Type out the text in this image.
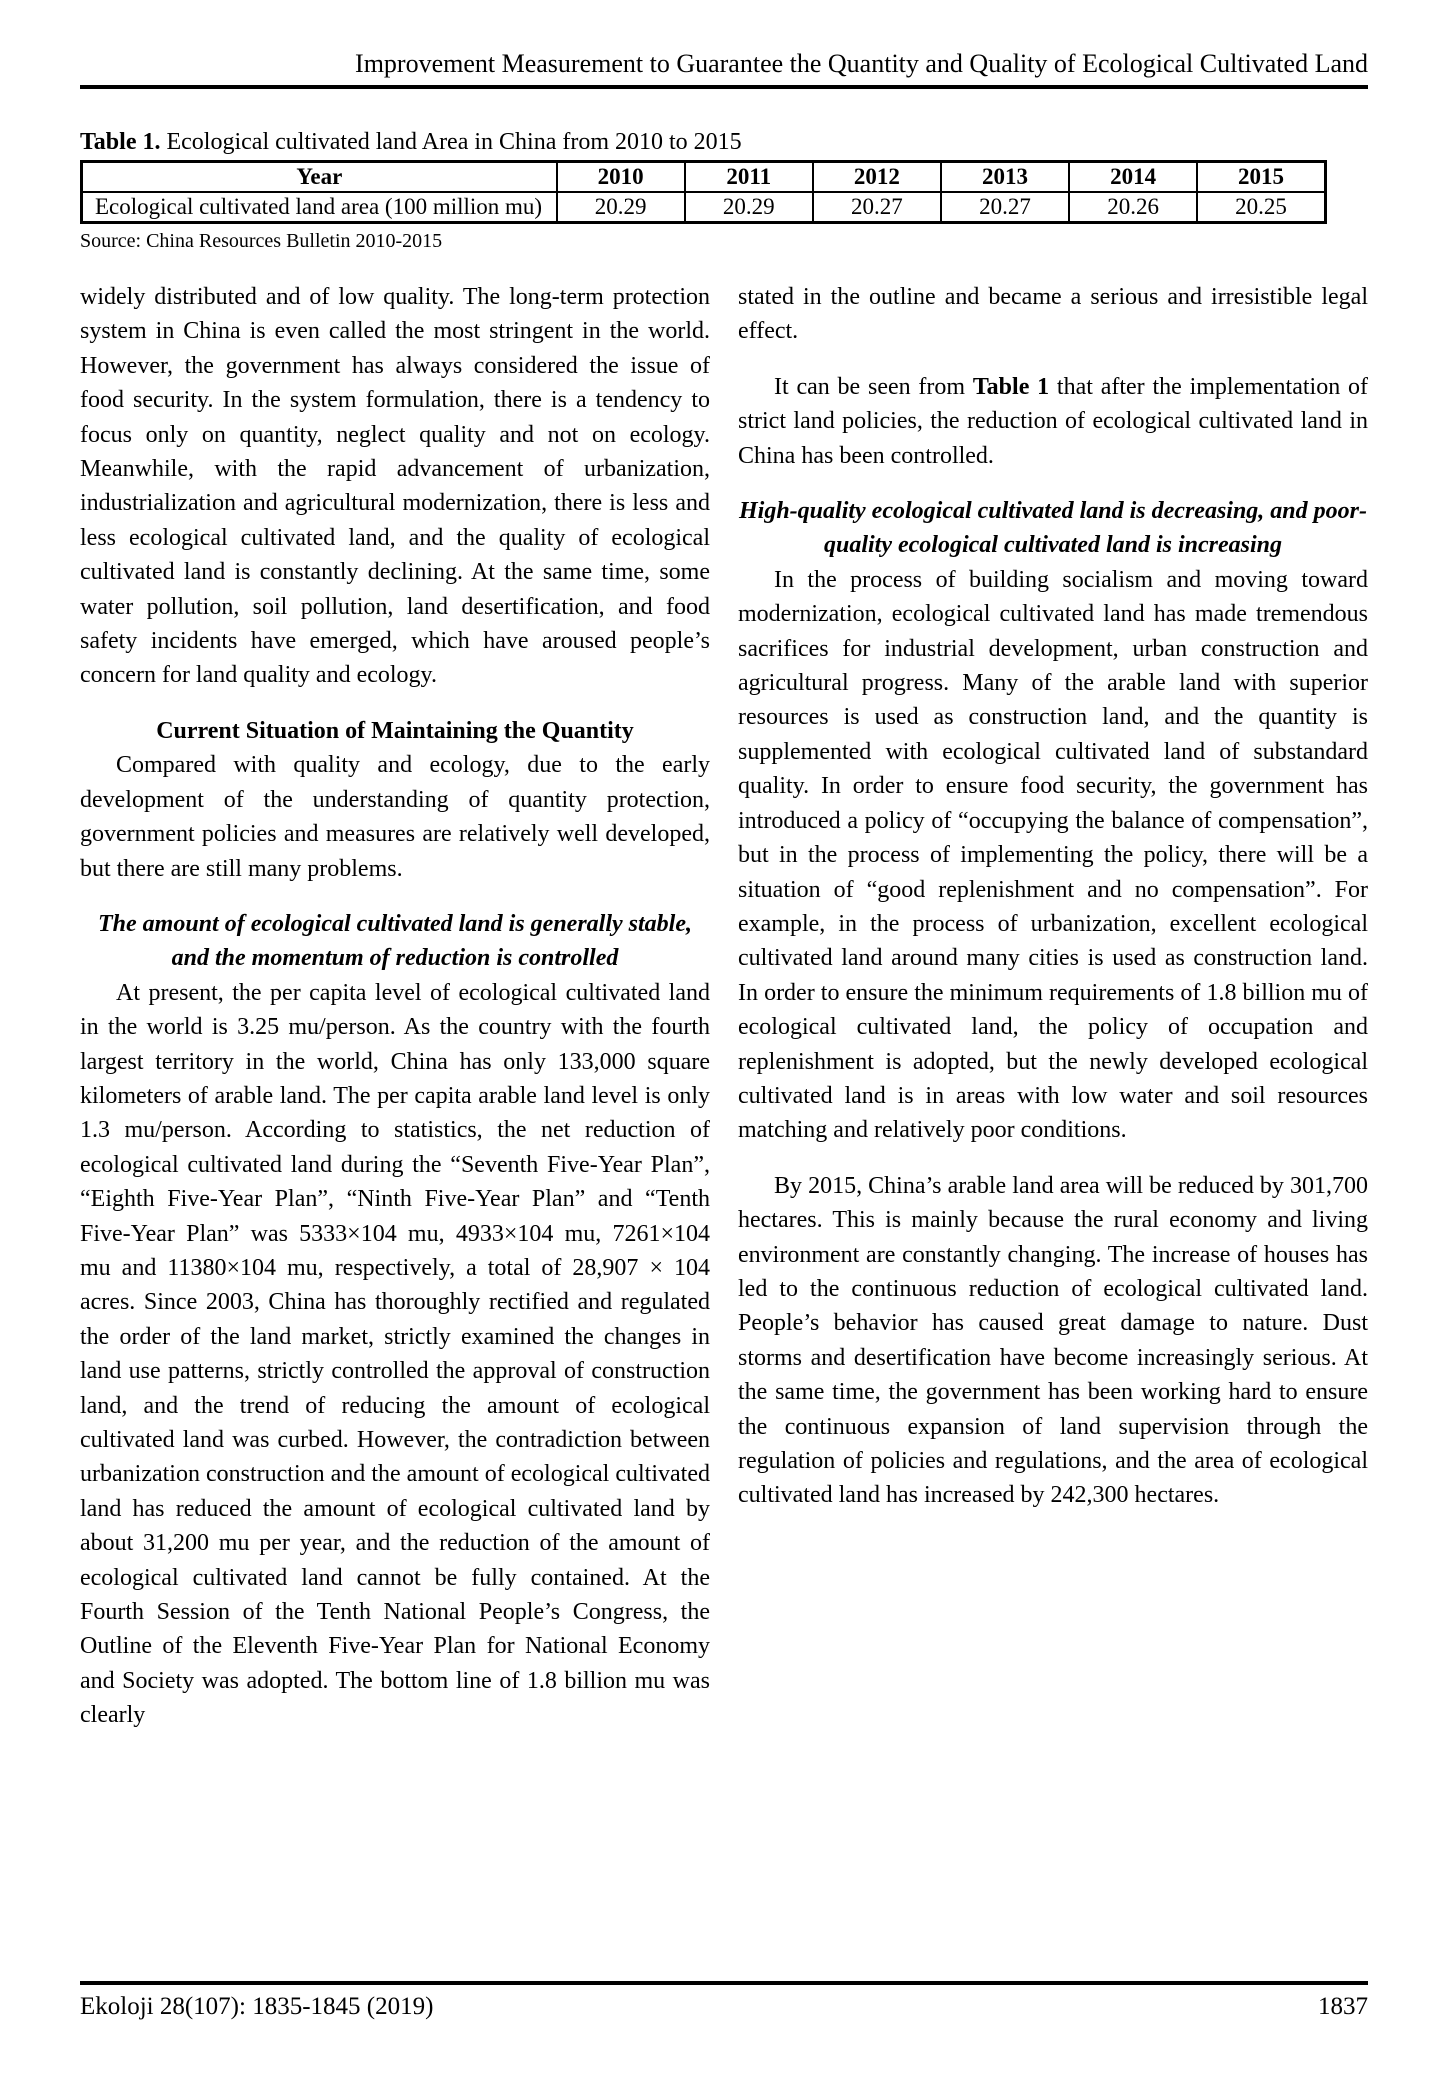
Improvement Measurement to Guarantee the Quantity and Quality of Ecological Cultivated Land
Table 1. Ecological cultivated land Area in China from 2010 to 2015
Year	2010	2011	2012	2013	2014	2015
Ecological cultivated land area (100 million mu)	20.29	20.29	20.27	20.27	20.26	20.25
Source: China Resources Bulletin 2010-2015

widely distributed and of low quality. The long-term protection system in China is even called the most stringent in the world. However, the government has always considered the issue of food security. In the system formulation, there is a tendency to focus only on quantity, neglect quality and not on ecology. Meanwhile, with the rapid advancement of urbanization, industrialization and agricultural modernization, there is less and less ecological cultivated land, and the quality of ecological cultivated land is constantly declining. At the same time, some water pollution, soil pollution, land desertification, and food safety incidents have emerged, which have aroused people’s concern for land quality and ecology.

Current Situation of Maintaining the Quantity

Compared with quality and ecology, due to the early development of the understanding of quantity protection, government policies and measures are relatively well developed, but there are still many problems.

The amount of ecological cultivated land is generally stable, and the momentum of reduction is controlled

At present, the per capita level of ecological cultivated land in the world is 3.25 mu/person. As the country with the fourth largest territory in the world, China has only 133,000 square kilometers of arable land. The per capita arable land level is only 1.3 mu/person. According to statistics, the net reduction of ecological cultivated land during the “Seventh Five-Year Plan”, “Eighth Five-Year Plan”, “Ninth Five-Year Plan” and “Tenth Five-Year Plan” was 5333×104 mu, 4933×104 mu, 7261×104 mu and 11380×104 mu, respectively, a total of 28,907 × 104 acres. Since 2003, China has thoroughly rectified and regulated the order of the land market, strictly examined the changes in land use patterns, strictly controlled the approval of construction land, and the trend of reducing the amount of ecological cultivated land was curbed. However, the contradiction between urbanization construction and the amount of ecological cultivated land has reduced the amount of ecological cultivated land by about 31,200 mu per year, and the reduction of the amount of ecological cultivated land cannot be fully contained. At the Fourth Session of the Tenth National People’s Congress, the Outline of the Eleventh Five-Year Plan for National Economy and Society was adopted. The bottom line of 1.8 billion mu was clearly

stated in the outline and became a serious and irresistible legal effect.

It can be seen from Table 1 that after the implementation of strict land policies, the reduction of ecological cultivated land in China has been controlled.

High-quality ecological cultivated land is decreasing, and poor-quality ecological cultivated land is increasing

In the process of building socialism and moving toward modernization, ecological cultivated land has made tremendous sacrifices for industrial development, urban construction and agricultural progress. Many of the arable land with superior resources is used as construction land, and the quantity is supplemented with ecological cultivated land of substandard quality. In order to ensure food security, the government has introduced a policy of “occupying the balance of compensation”, but in the process of implementing the policy, there will be a situation of “good replenishment and no compensation”. For example, in the process of urbanization, excellent ecological cultivated land around many cities is used as construction land. In order to ensure the minimum requirements of 1.8 billion mu of ecological cultivated land, the policy of occupation and replenishment is adopted, but the newly developed ecological cultivated land is in areas with low water and soil resources matching and relatively poor conditions.

By 2015, China’s arable land area will be reduced by 301,700 hectares. This is mainly because the rural economy and living environment are constantly changing. The increase of houses has led to the continuous reduction of ecological cultivated land. People’s behavior has caused great damage to nature. Dust storms and desertification have become increasingly serious. At the same time, the government has been working hard to ensure the continuous expansion of land supervision through the regulation of policies and regulations, and the area of ecological cultivated land has increased by 242,300 hectares.

Ekoloji 28(107): 1835-1845 (2019)	1837
